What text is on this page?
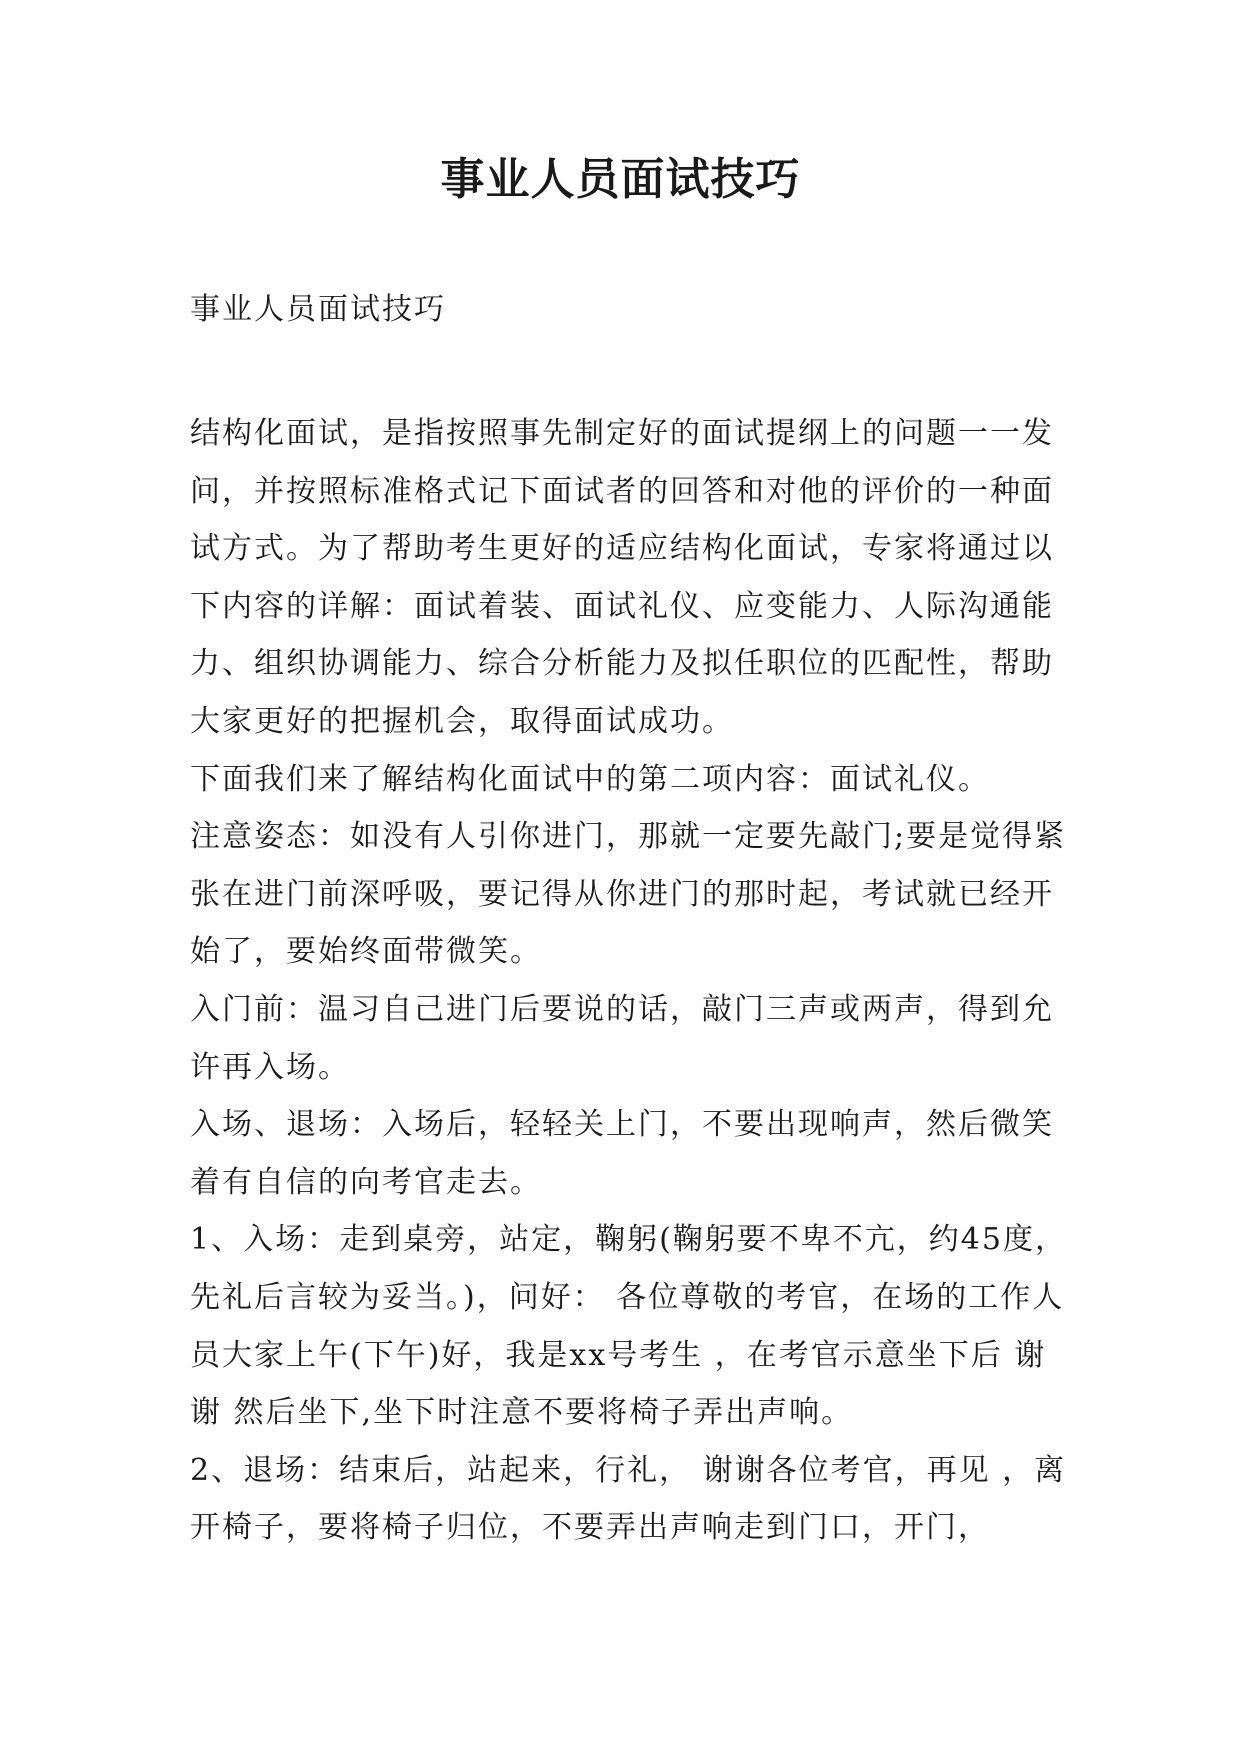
事业人员面试技巧

事业人员面试技巧

结构化面试，是指按照事先制定好的面试提纲上的问题一一发问，并按照标准格式记下面试者的回答和对他的评价的一种面试方式。为了帮助考生更好的适应结构化面试，专家将通过以下内容的详解：面试着装、面试礼仪、应变能力、人际沟通能力、组织协调能力、综合分析能力及拟任职位的匹配性，帮助大家更好的把握机会，取得面试成功。

下面我们来了解结构化面试中的第二项内容：面试礼仪。

注意姿态：如没有人引你进门，那就一定要先敲门;要是觉得紧张在进门前深呼吸，要记得从你进门的那时起，考试就已经开始了，要始终面带微笑。

入门前：温习自己进门后要说的话，敲门三声或两声，得到允许再入场。

入场、退场：入场后，轻轻关上门，不要出现响声，然后微笑着有自信的向考官走去。

1、入场：走到桌旁，站定，鞠躬(鞠躬要不卑不亢，约45度，先礼后言较为妥当。)，问好： 各位尊敬的考官，在场的工作人员大家上午(下午)好，我是xx号考生 ，在考官示意坐下后 谢谢 然后坐下,坐下时注意不要将椅子弄出声响。

2、退场：结束后，站起来，行礼， 谢谢各位考官，再见 ，离开椅子，要将椅子归位，不要弄出声响走到门口，开门，
